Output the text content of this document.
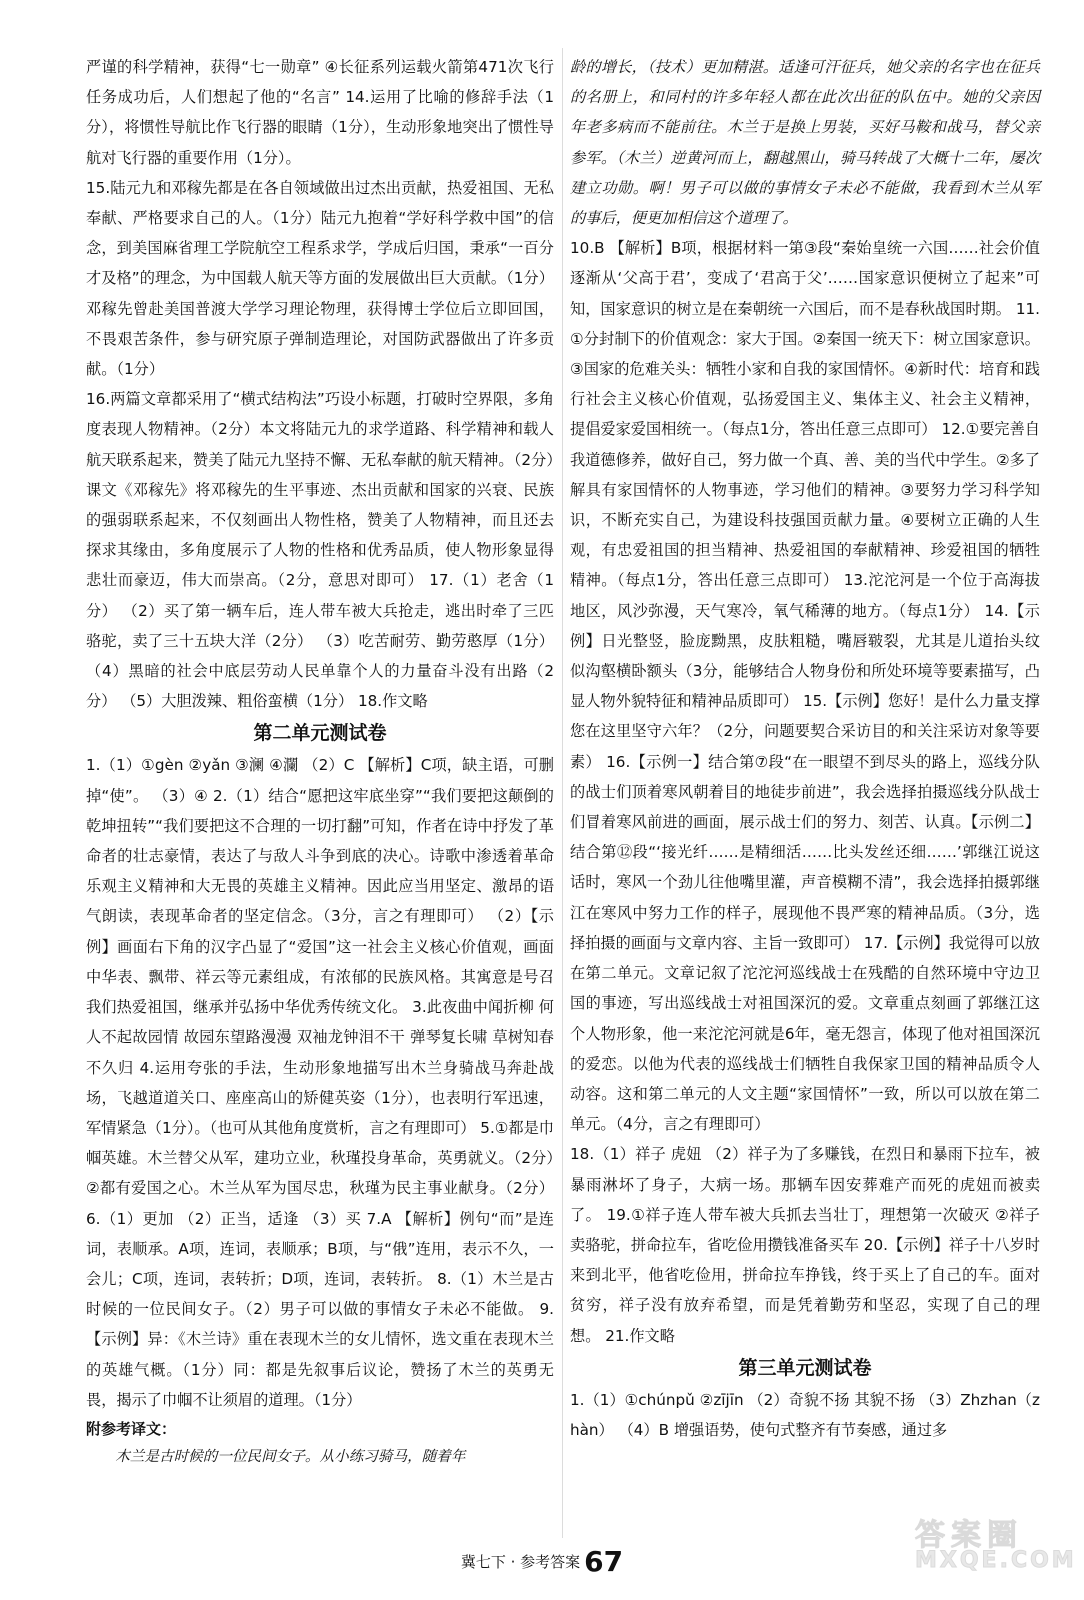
严谨的科学精神，获得“七一勋章” ④长征系列运载火箭第471次飞行任务成功后，人们想起了他的“名言” 14.运用了比喻的修辞手法（1分），将惯性导航比作飞行器的眼睛（1分），生动形象地突出了惯性导航对飞行器的重要作用（1分）。

15.陆元九和邓稼先都是在各自领域做出过杰出贡献，热爱祖国、无私奉献、严格要求自己的人。（1分）陆元九抱着“学好科学救中国”的信念，到美国麻省理工学院航空工程系求学，学成后归国，秉承“一百分才及格”的理念，为中国载人航天等方面的发展做出巨大贡献。（1分）邓稼先曾赴美国普渡大学学习理论物理，获得博士学位后立即回国，不畏艰苦条件，参与研究原子弹制造理论，对国防武器做出了许多贡献。（1分）

16.两篇文章都采用了“横式结构法”巧设小标题，打破时空界限，多角度表现人物精神。（2分）本文将陆元九的求学道路、科学精神和载人航天联系起来，赞美了陆元九坚持不懈、无私奉献的航天精神。（2分）课文《邓稼先》将邓稼先的生平事迹、杰出贡献和国家的兴衰、民族的强弱联系起来，不仅刻画出人物性格，赞美了人物精神，而且还去探求其缘由，多角度展示了人物的性格和优秀品质，使人物形象显得悲壮而豪迈，伟大而崇高。（2分，意思对即可） 17.（1）老舍（1分） （2）买了第一辆车后，连人带车被大兵抢走，逃出时牵了三匹骆驼，卖了三十五块大洋（2分） （3）吃苦耐劳、勤劳憨厚（1分）（4）黑暗的社会中底层劳动人民单靠个人的力量奋斗没有出路（2分） （5）大胆泼辣、粗俗蛮横（1分） 18.作文略

第二单元测试卷

1.（1）①gèn ②yǎn ③澜 ④瀾 （2）C 【解析】C项，缺主语，可删掉“使”。 （3）④ 2.（1）结合“愿把这牢底坐穿”“我们要把这颠倒的乾坤扭转”“我们要把这不合理的一切打翻”可知，作者在诗中抒发了革命者的壮志豪情，表达了与敌人斗争到底的决心。诗歌中渗透着革命乐观主义精神和大无畏的英雄主义精神。因此应当用坚定、激昂的语气朗读，表现革命者的坚定信念。（3分，言之有理即可） （2）【示例】画面右下角的汉字凸显了“爱国”这一社会主义核心价值观，画面中华表、飘带、祥云等元素组成，有浓郁的民族风格。其寓意是号召我们热爱祖国，继承并弘扬中华优秀传统文化。 3.此夜曲中闻折柳 何人不起故园情 故园东望路漫漫 双袖龙钟泪不干 弹琴复长啸 草树知春不久归 4.运用夸张的手法，生动形象地描写出木兰身骑战马奔赴战场，飞越道道关口、座座高山的矫健英姿（1分），也表明行军迅速，军情紧急（1分）。（也可从其他角度赏析，言之有理即可） 5.①都是巾帼英雄。木兰替父从军，建功立业，秋瑾投身革命，英勇就义。（2分）②都有爱国之心。木兰从军为国尽忠，秋瑾为民主事业献身。（2分） 6.（1）更加 （2）正当，适逢 （3）买 7.A 【解析】例句“而”是连词，表顺承。A项，连词，表顺承；B项，与“俄”连用，表示不久，一会儿；C项，连词，表转折；D项，连词，表转折。 8.（1）木兰是古时候的一位民间女子。（2）男子可以做的事情女子未必不能做。 9.【示例】异：《木兰诗》重在表现木兰的女儿情怀，选文重在表现木兰的英雄气概。（1分）同：都是先叙事后议论，赞扬了木兰的英勇无畏，揭示了巾帼不让须眉的道理。（1分）

附参考译文：

木兰是古时候的一位民间女子。从小练习骑马，随着年

龄的增长，（技术）更加精湛。适逢可汗征兵，她父亲的名字也在征兵的名册上，和同村的许多年轻人都在此次出征的队伍中。她的父亲因年老多病而不能前往。木兰于是换上男装，买好马鞍和战马，替父亲参军。（木兰）逆黄河而上，翻越黑山，骑马转战了大概十二年，屡次建立功勋。啊！男子可以做的事情女子未必不能做，我看到木兰从军的事后，便更加相信这个道理了。

10.B 【解析】B项，根据材料一第③段“秦始皇统一六国……社会价值逐渐从‘父高于君’，变成了‘君高于父’……国家意识便树立了起来”可知，国家意识的树立是在秦朝统一六国后，而不是春秋战国时期。 11.①分封制下的价值观念：家大于国。②秦国一统天下：树立国家意识。③国家的危难关头：牺牲小家和自我的家国情怀。④新时代：培育和践行社会主义核心价值观，弘扬爱国主义、集体主义、社会主义精神，提倡爱家爱国相统一。（每点1分，答出任意三点即可） 12.①要完善自我道德修养，做好自己，努力做一个真、善、美的当代中学生。②多了解具有家国情怀的人物事迹，学习他们的精神。③要努力学习科学知识，不断充实自己，为建设科技强国贡献力量。④要树立正确的人生观，有忠爱祖国的担当精神、热爱祖国的奉献精神、珍爱祖国的牺牲精神。（每点1分，答出任意三点即可） 13.沱沱河是一个位于高海拔地区，风沙弥漫，天气寒冷，氧气稀薄的地方。（每点1分） 14.【示例】日光整竖，脸庞黝黑，皮肤粗糙，嘴唇皲裂，尤其是儿道抬头纹似沟壑横卧额头（3分，能够结合人物身份和所处环境等要素描写，凸显人物外貌特征和精神品质即可） 15.【示例】您好！是什么力量支撑您在这里坚守六年？（2分，问题要契合采访目的和关注采访对象等要素） 16.【示例一】结合第⑦段“在一眼望不到尽头的路上，巡线分队的战士们顶着寒风朝着目的地徒步前进”，我会选择拍摄巡线分队战士们冒着寒风前进的画面，展示战士们的努力、刻苦、认真。【示例二】结合第⑫段“‘接光纤……是精细活……比头发丝还细……’郭继江说这话时，寒风一个劲儿往他嘴里灌，声音模糊不清”，我会选择拍摄郭继江在寒风中努力工作的样子，展现他不畏严寒的精神品质。（3分，选择拍摄的画面与文章内容、主旨一致即可） 17.【示例】我觉得可以放在第二单元。文章记叙了沱沱河巡线战士在残酷的自然环境中守边卫国的事迹，写出巡线战士对祖国深沉的爱。文章重点刻画了郭继江这个人物形象，他一来沱沱河就是6年，毫无怨言，体现了他对祖国深沉的爱恋。以他为代表的巡线战士们牺牲自我保家卫国的精神品质令人动容。这和第二单元的人文主题“家国情怀”一致，所以可以放在第二单元。（4分，言之有理即可）

18.（1）祥子 虎妞 （2）祥子为了多赚钱，在烈日和暴雨下拉车，被暴雨淋坏了身子，大病一场。那辆车因安葬难产而死的虎妞而被卖了。 19.①祥子连人带车被大兵抓去当壮丁，理想第一次破灭 ②祥子卖骆驼，拼命拉车，省吃俭用攒钱准备买车 20.【示例】祥子十八岁时来到北平，他省吃俭用，拼命拉车挣钱，终于买上了自己的车。面对贫穷，祥子没有放弃希望，而是凭着勤劳和坚忍，实现了自己的理想。 21.作文略

第三单元测试卷

1.（1）①chúnpǔ ②zījīn （2）奇貌不扬 其貌不扬 （3）Zhzhan（zhàn） （4）B 增强语势，使句式整齐有节奏感，通过多

冀七下 · 参考答案 67
答案圈
MXQE.COM
